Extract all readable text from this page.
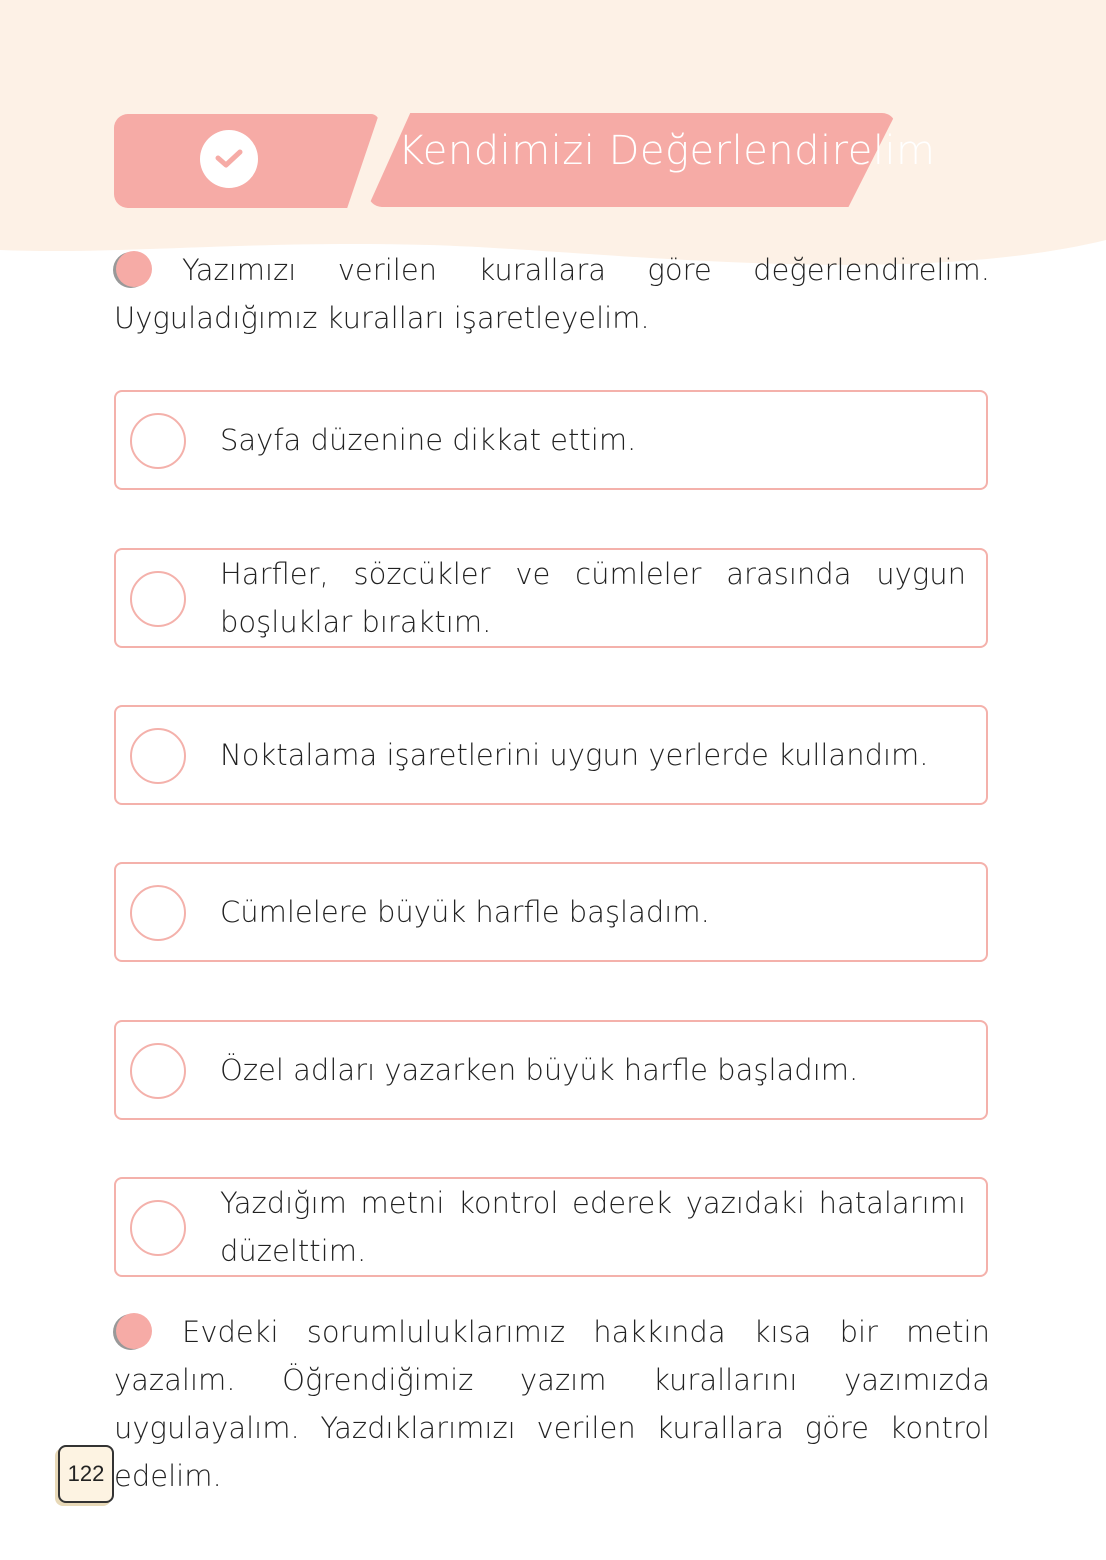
Kendimizi Değerlendirelim
Yazımızı verilen kurallara göre değerlendirelim. Uyguladığımız kuralları işaretleyelim.
Sayfa düzenine dikkat ettim.
Harfler, sözcükler ve cümleler arasında uygun boşluklar bıraktım.
Noktalama işaretlerini uygun yerlerde kullandım.
Cümlelere büyük harfle başladım.
Özel adları yazarken büyük harfle başladım.
Yazdığım metni kontrol ederek yazıdaki hatalarımı düzelttim.
Evdeki sorumluluklarımız hakkında kısa bir metin yazalım. Öğrendiğimiz yazım kurallarını yazımızda uygulayalım. Yazdıklarımızı verilen kurallara göre kontrol edelim.
122
